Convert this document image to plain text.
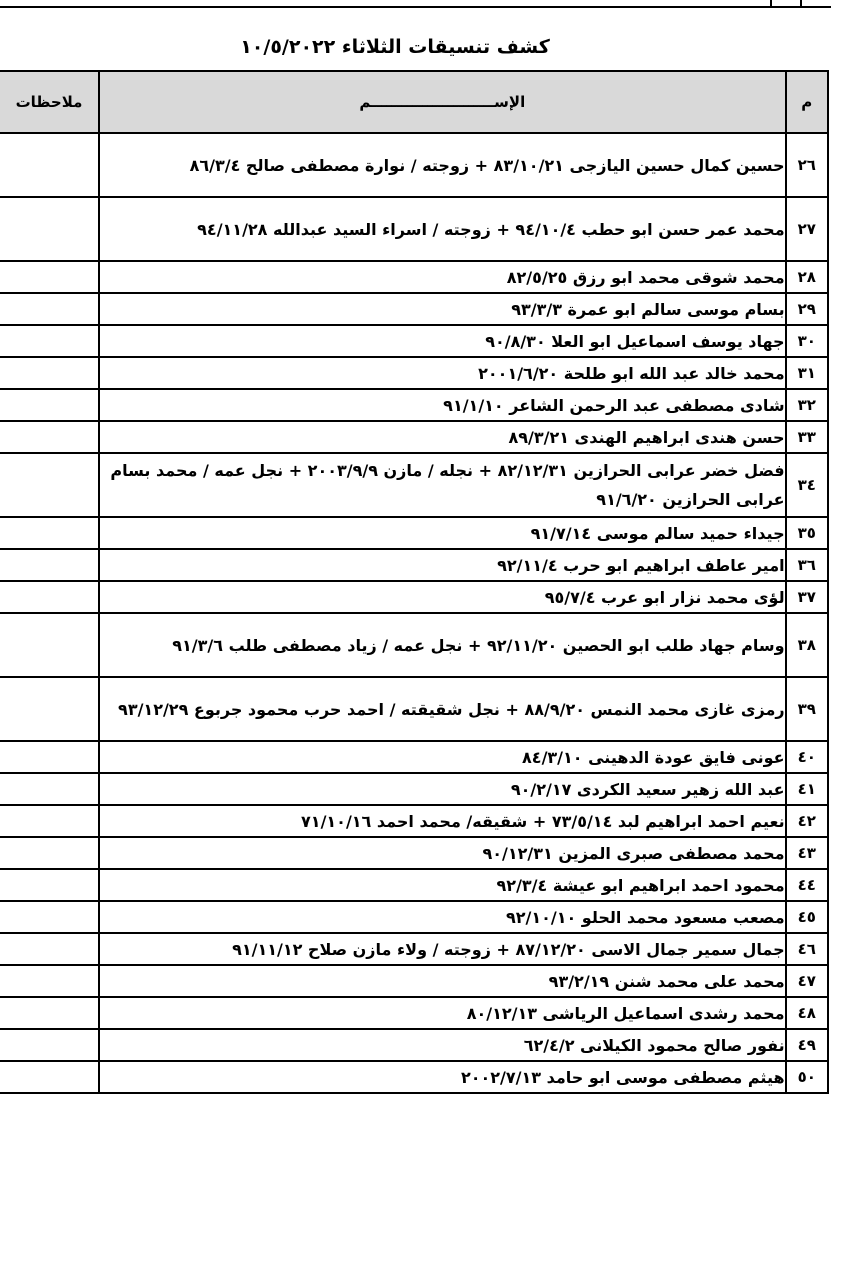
كشف تنسيقات الثلاثاء ١٠/٥/٢٠٢٢
م	الإســــــــــــــــــــــــم	ملاحظات
٢٦	حسين كمال حسين اليازجى ٨٣/١٠/٢١ + زوجته / نوارة مصطفى صالح ٨٦/٣/٤	
٢٧	محمد عمر حسن ابو حطب ٩٤/١٠/٤ + زوجته / اسراء السيد عبدالله ٩٤/١١/٢٨	
٢٨	محمد شوقى محمد ابو رزق ٨٢/٥/٢٥	
٢٩	بسام موسى سالم ابو عمرة ٩٣/٣/٣	
٣٠	جهاد يوسف اسماعيل ابو العلا ٩٠/٨/٣٠	
٣١	محمد خالد عبد الله ابو طلحة ٢٠٠١/٦/٢٠	
٣٢	شادى مصطفى عبد الرحمن الشاعر ٩١/١/١٠	
٣٣	حسن هندى ابراهيم الهندى ٨٩/٣/٢١	
٣٤	فضل خضر عرابى الحرازين ٨٢/١٢/٣١ + نجله / مازن ٢٠٠٣/٩/٩ + نجل عمه / محمد بسام عرابى الحرازين ٩١/٦/٢٠	
٣٥	جيداء حميد سالم موسى ٩١/٧/١٤	
٣٦	امير عاطف ابراهيم ابو حرب ٩٢/١١/٤	
٣٧	لؤى محمد نزار ابو عرب ٩٥/٧/٤	
٣٨	وسام جهاد طلب ابو الحصين ٩٢/١١/٢٠ + نجل عمه / زياد مصطفى طلب ٩١/٣/٦	
٣٩	رمزى غازى محمد النمس ٨٨/٩/٢٠ + نجل شقيقته / احمد حرب محمود جربوع ٩٣/١٢/٢٩	
٤٠	عونى فايق عودة الدهينى ٨٤/٣/١٠	
٤١	عبد الله زهير سعيد الكردى ٩٠/٢/١٧	
٤٢	نعيم احمد ابراهيم لبد ٧٣/٥/١٤ + شقيقه/ محمد احمد ٧١/١٠/١٦	
٤٣	محمد مصطفى صبرى المزين ٩٠/١٢/٣١	
٤٤	محمود احمد ابراهيم ابو عيشة ٩٢/٣/٤	
٤٥	مصعب مسعود محمد الحلو ٩٢/١٠/١٠	
٤٦	جمال سمير جمال الاسى ٨٧/١٢/٢٠ + زوجته / ولاء مازن صلاح ٩١/١١/١٢	
٤٧	محمد على محمد شنن ٩٣/٢/١٩	
٤٨	محمد رشدى اسماعيل الرياشى ٨٠/١٢/١٣	
٤٩	نفور صالح محمود الكيلانى ٦٢/٤/٢	
٥٠	هيثم مصطفى موسى ابو حامد ٢٠٠٢/٧/١٣	
